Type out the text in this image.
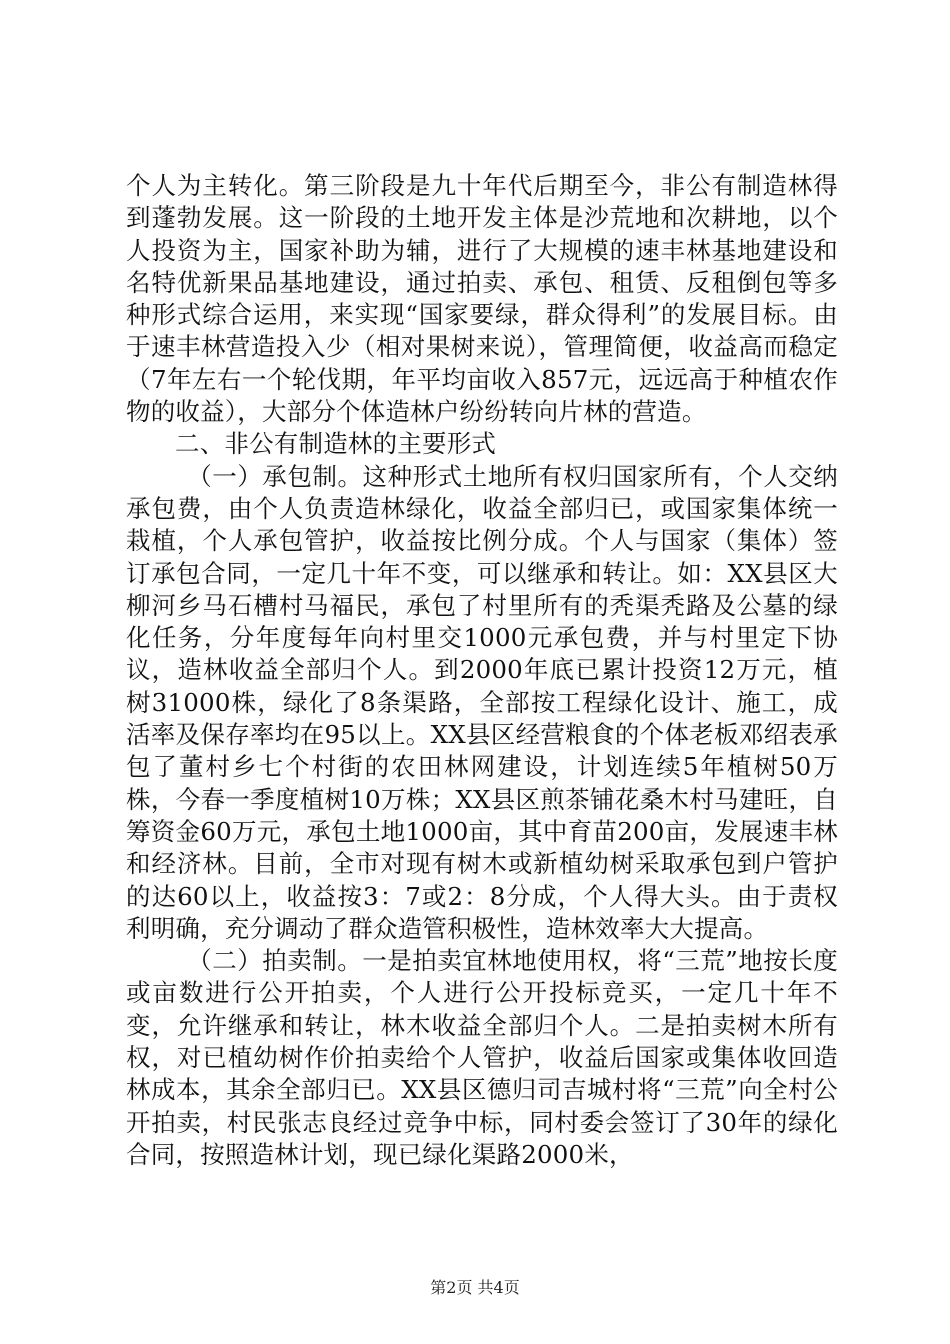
个人为主转化。第三阶段是九十年代后期至今，非公有制造林得到蓬勃发展。这一阶段的土地开发主体是沙荒地和次耕地，以个人投资为主，国家补助为辅，进行了大规模的速丰林基地建设和名特优新果品基地建设，通过拍卖、承包、租赁、反租倒包等多种形式综合运用，来实现“国家要绿，群众得利”的发展目标。由于速丰林营造投入少（相对果树来说），管理简便，收益高而稳定（7年左右一个轮伐期，年平均亩收入857元，远远高于种植农作物的收益），大部分个体造林户纷纷转向片林的营造。

二、非公有制造林的主要形式

（一）承包制。这种形式土地所有权归国家所有，个人交纳承包费，由个人负责造林绿化，收益全部归已，或国家集体统一栽植，个人承包管护，收益按比例分成。个人与国家（集体）签订承包合同，一定几十年不变，可以继承和转让。如：XX县区大柳河乡马石槽村马福民，承包了村里所有的秃渠秃路及公墓的绿化任务，分年度每年向村里交1000元承包费，并与村里定下协议，造林收益全部归个人。到2000年底已累计投资12万元，植树31000株，绿化了8条渠路，全部按工程绿化设计、施工，成活率及保存率均在95以上。XX县区经营粮食的个体老板邓绍表承包了董村乡七个村街的农田林网建设，计划连续5年植树50万株，今春一季度植树10万株；XX县区煎茶铺花桑木村马建旺，自筹资金60万元，承包土地1000亩，其中育苗200亩，发展速丰林和经济林。目前，全市对现有树木或新植幼树采取承包到户管护的达60以上，收益按3：7或2：8分成，个人得大头。由于责权利明确，充分调动了群众造管积极性，造林效率大大提高。

（二）拍卖制。一是拍卖宜林地使用权，将“三荒”地按长度或亩数进行公开拍卖，个人进行公开投标竞买，一定几十年不变，允许继承和转让，林木收益全部归个人。二是拍卖树木所有权，对已植幼树作价拍卖给个人管护，收益后国家或集体收回造林成本，其余全部归已。XX县区德归司吉城村将“三荒”向全村公开拍卖，村民张志良经过竞争中标，同村委会签订了30年的绿化合同，按照造林计划，现已绿化渠路2000米，

第2页 共4页
